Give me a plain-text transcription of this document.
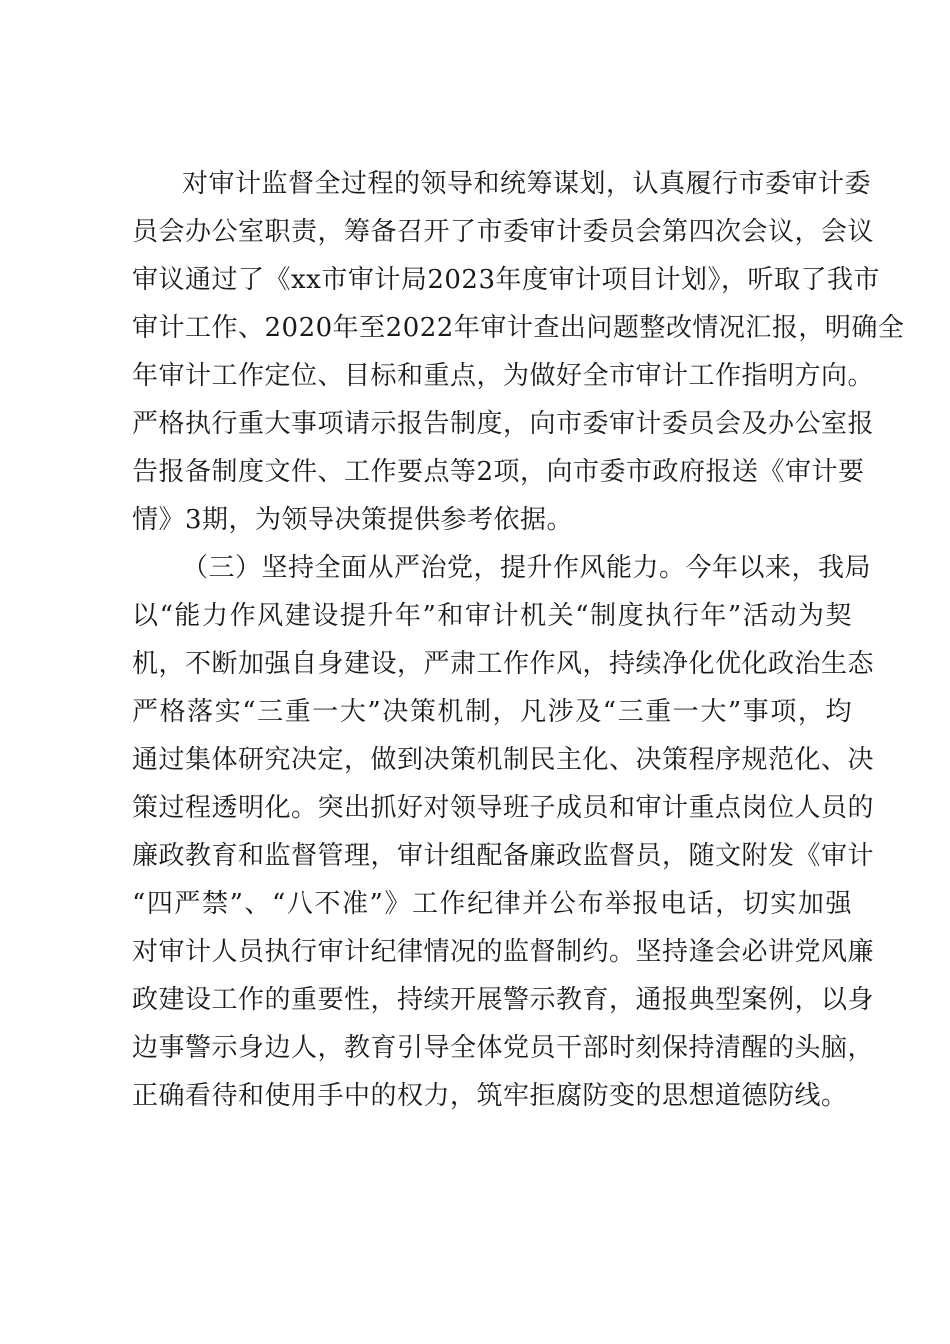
对审计监督全过程的领导和统筹谋划，认真履行市委审计委
员会办公室职责，筹备召开了市委审计委员会第四次会议，会议
审议通过了《xx市审计局2023年度审计项目计划》，听取了我市
审计工作、2020年至2022年审计查出问题整改情况汇报，明确全
年审计工作定位、目标和重点，为做好全市审计工作指明方向。
严格执行重大事项请示报告制度，向市委审计委员会及办公室报
告报备制度文件、工作要点等2项，向市委市政府报送《审计要
情》3期，为领导决策提供参考依据。
（三）坚持全面从严治党，提升作风能力。今年以来，我局
以“能力作风建设提升年”和审计机关“制度执行年”活动为契
机，不断加强自身建设，严肃工作作风，持续净化优化政治生态
严格落实“三重一大”决策机制，凡涉及“三重一大”事项，均
通过集体研究决定，做到决策机制民主化、决策程序规范化、决
策过程透明化。突出抓好对领导班子成员和审计重点岗位人员的
廉政教育和监督管理，审计组配备廉政监督员，随文附发《审计
“四严禁”、“八不准”》工作纪律并公布举报电话，切实加强
对审计人员执行审计纪律情况的监督制约。坚持逢会必讲党风廉
政建设工作的重要性，持续开展警示教育，通报典型案例，以身
边事警示身边人，教育引导全体党员干部时刻保持清醒的头脑，
正确看待和使用手中的权力，筑牢拒腐防变的思想道德防线。
